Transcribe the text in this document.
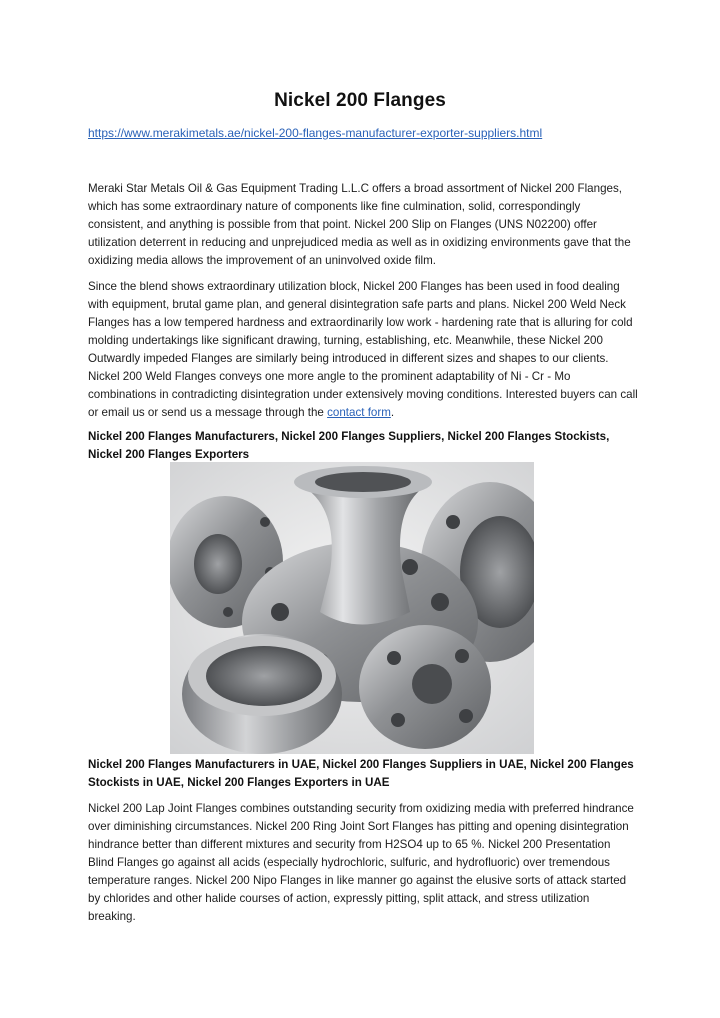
Nickel 200 Flanges
https://www.merakimetals.ae/nickel-200-flanges-manufacturer-exporter-suppliers.html

Meraki Star Metals Oil & Gas Equipment Trading L.L.C offers a broad assortment of Nickel 200 Flanges, which has some extraordinary nature of components like fine culmination, solid, correspondingly consistent, and anything is possible from that point. Nickel 200 Slip on Flanges (UNS N02200) offer utilization deterrent in reducing and unprejudiced media as well as in oxidizing environments gave that the oxidizing media allows the improvement of an uninvolved oxide film.

Since the blend shows extraordinary utilization block, Nickel 200 Flanges has been used in food dealing with equipment, brutal game plan, and general disintegration safe parts and plans. Nickel 200 Weld Neck Flanges has a low tempered hardness and extraordinarily low work - hardening rate that is alluring for cold molding undertakings like significant drawing, turning, establishing, etc. Meanwhile, these Nickel 200 Outwardly impeded Flanges are similarly being introduced in different sizes and shapes to our clients. Nickel 200 Weld Flanges conveys one more angle to the prominent adaptability of Ni - Cr - Mo combinations in contradicting disintegration under extensively moving conditions. Interested buyers can call or email us or send us a message through the contact form.

Nickel 200 Flanges Manufacturers, Nickel 200 Flanges Suppliers, Nickel 200 Flanges Stockists, Nickel 200 Flanges Exporters

Nickel 200 Flanges Manufacturers in UAE, Nickel 200 Flanges Suppliers in UAE, Nickel 200 Flanges Stockists in UAE, Nickel 200 Flanges Exporters in UAE

Nickel 200 Lap Joint Flanges combines outstanding security from oxidizing media with preferred hindrance over diminishing circumstances. Nickel 200 Ring Joint Sort Flanges has pitting and opening disintegration hindrance better than different mixtures and security from H2SO4 up to 65 %. Nickel 200 Presentation Blind Flanges go against all acids (especially hydrochloric, sulfuric, and hydrofluoric) over tremendous temperature ranges. Nickel 200 Nipo Flanges in like manner go against the elusive sorts of attack started by chlorides and other halide courses of action, expressly pitting, split attack, and stress utilization breaking.
